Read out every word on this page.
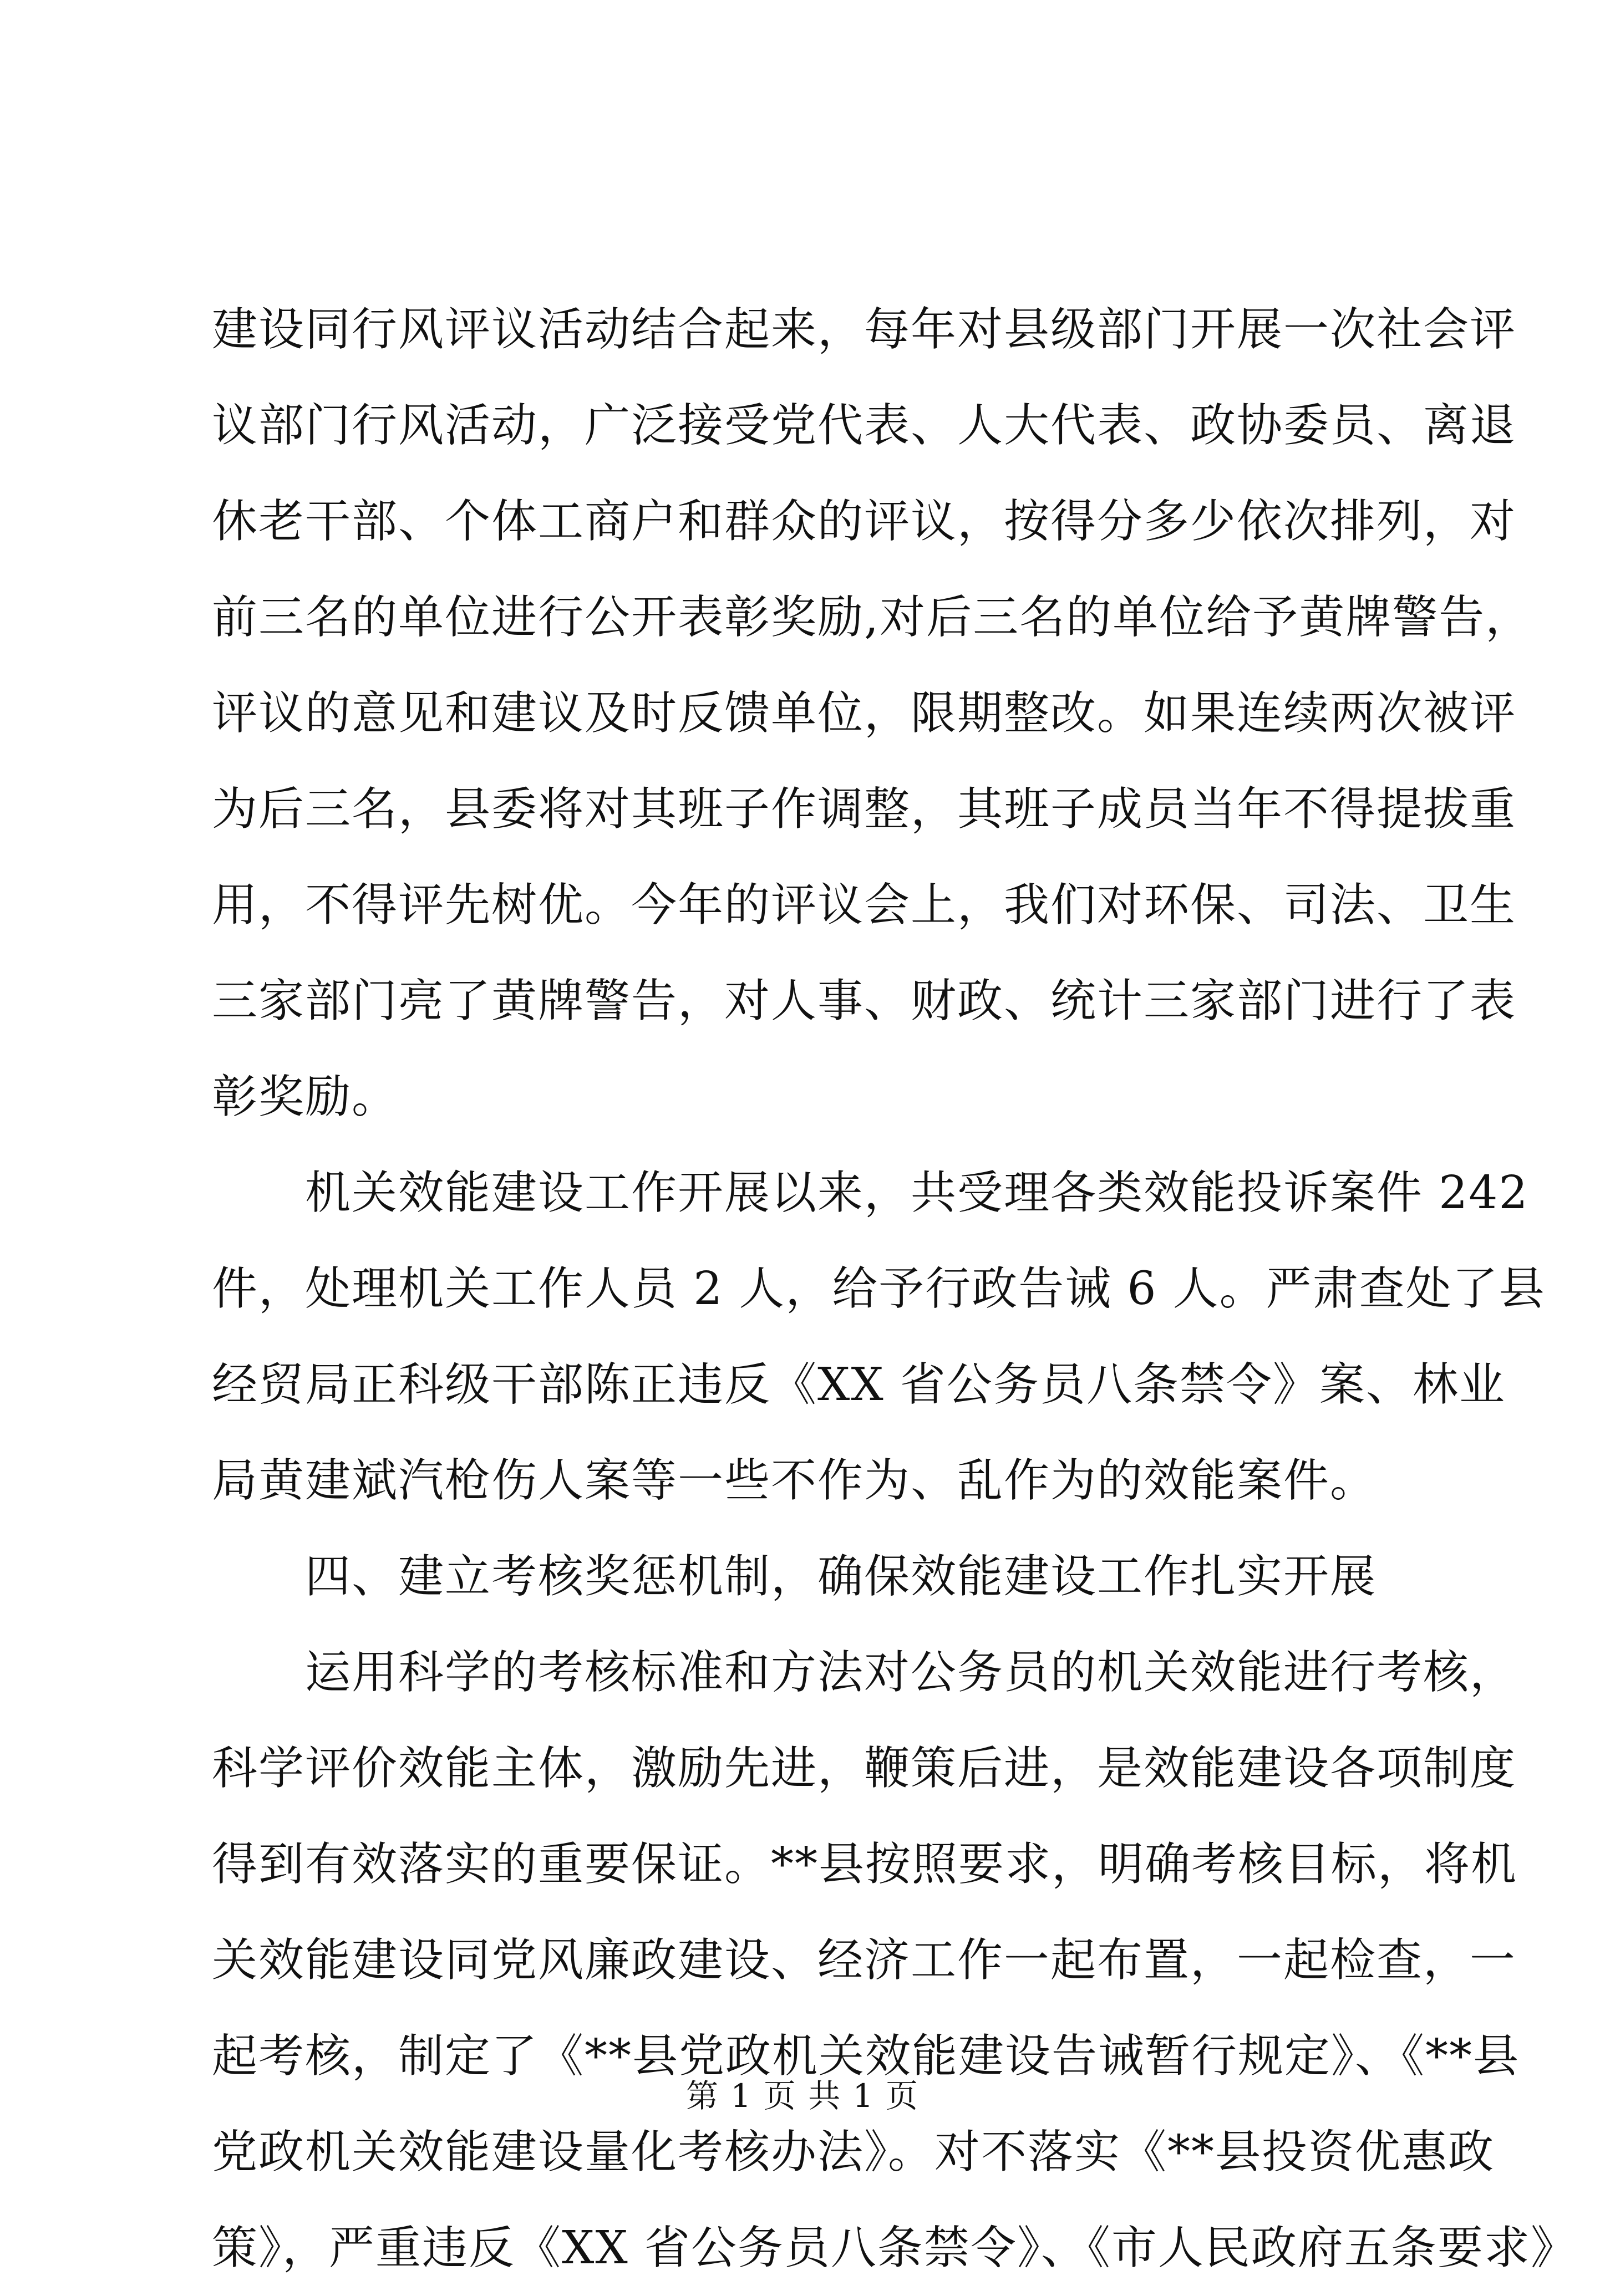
建设同行风评议活动结合起来，每年对县级部门开展一次社会评
议部门行风活动，广泛接受党代表、人大代表、政协委员、离退
休老干部、个体工商户和群众的评议，按得分多少依次排列，对
前三名的单位进行公开表彰奖励,对后三名的单位给予黄牌警告，
评议的意见和建议及时反馈单位，限期整改。如果连续两次被评
为后三名，县委将对其班子作调整，其班子成员当年不得提拔重
用，不得评先树优。今年的评议会上，我们对环保、司法、卫生
三家部门亮了黄牌警告，对人事、财政、统计三家部门进行了表
彰奖励。
机关效能建设工作开展以来，共受理各类效能投诉案件 242
件，处理机关工作人员 2 人，给予行政告诫 6 人。严肃查处了县
经贸局正科级干部陈正违反《XX 省公务员八条禁令》案、林业
局黄建斌汽枪伤人案等一些不作为、乱作为的效能案件。
四、建立考核奖惩机制，确保效能建设工作扎实开展
运用科学的考核标准和方法对公务员的机关效能进行考核，
科学评价效能主体，激励先进，鞭策后进，是效能建设各项制度
得到有效落实的重要保证。**县按照要求，明确考核目标，将机
关效能建设同党风廉政建设、经济工作一起布置，一起检查，一
起考核，制定了《**县党政机关效能建设告诫暂行规定》、《**县
党政机关效能建设量化考核办法》。对不落实《**县投资优惠政
策》，严重违反《XX 省公务员八条禁令》、《市人民政府五条要求》
第 1 页 共 1 页
